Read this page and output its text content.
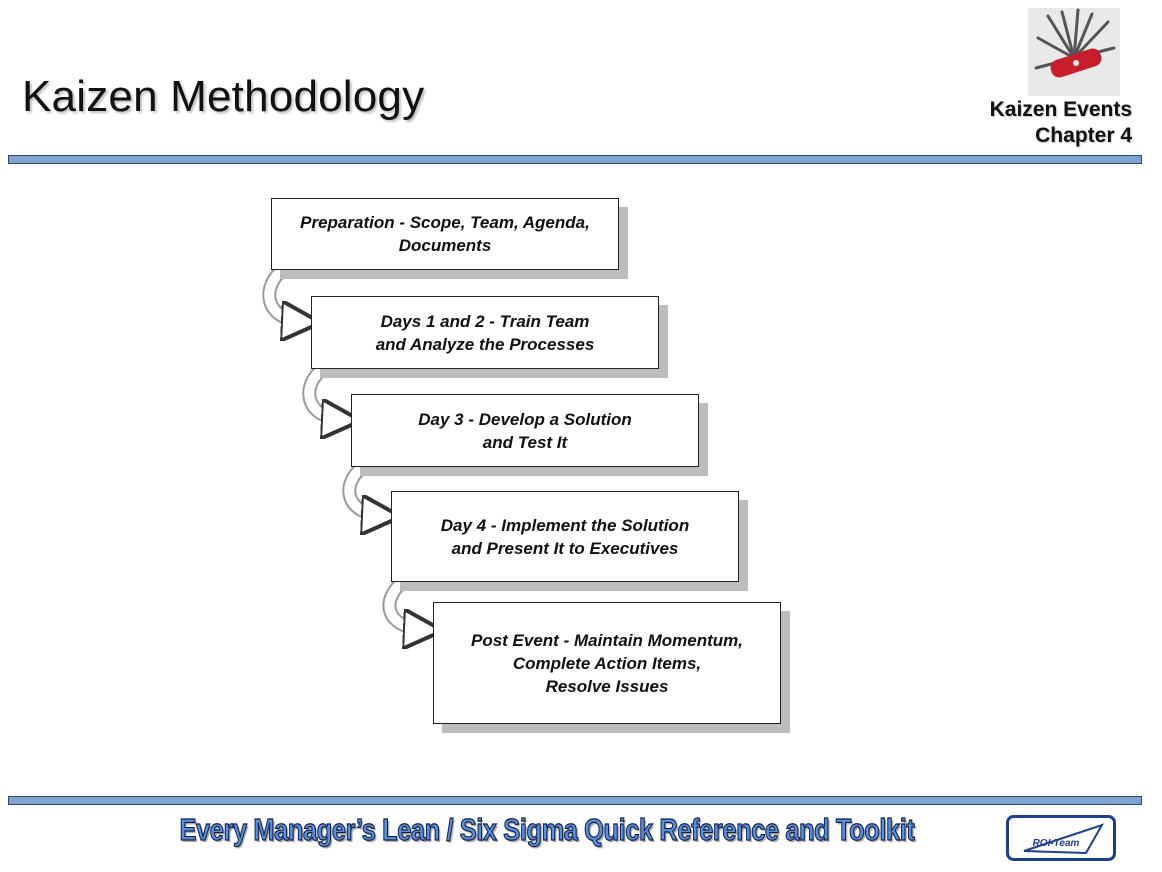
Kaizen Methodology	Kaizen Events
Chapter 4
Preparation - Scope, Team, Agenda,
Documents
Days 1 and 2 - Train Team
and Analyze the Processes
Day 3 - Develop a Solution
and Test It
Day 4 - Implement the Solution
and Present It to Executives
Post Event - Maintain Momentum,
Complete Action Items,
Resolve Issues
Every Manager’s Lean / Six Sigma Quick Reference and Toolkit	ROI-Team
